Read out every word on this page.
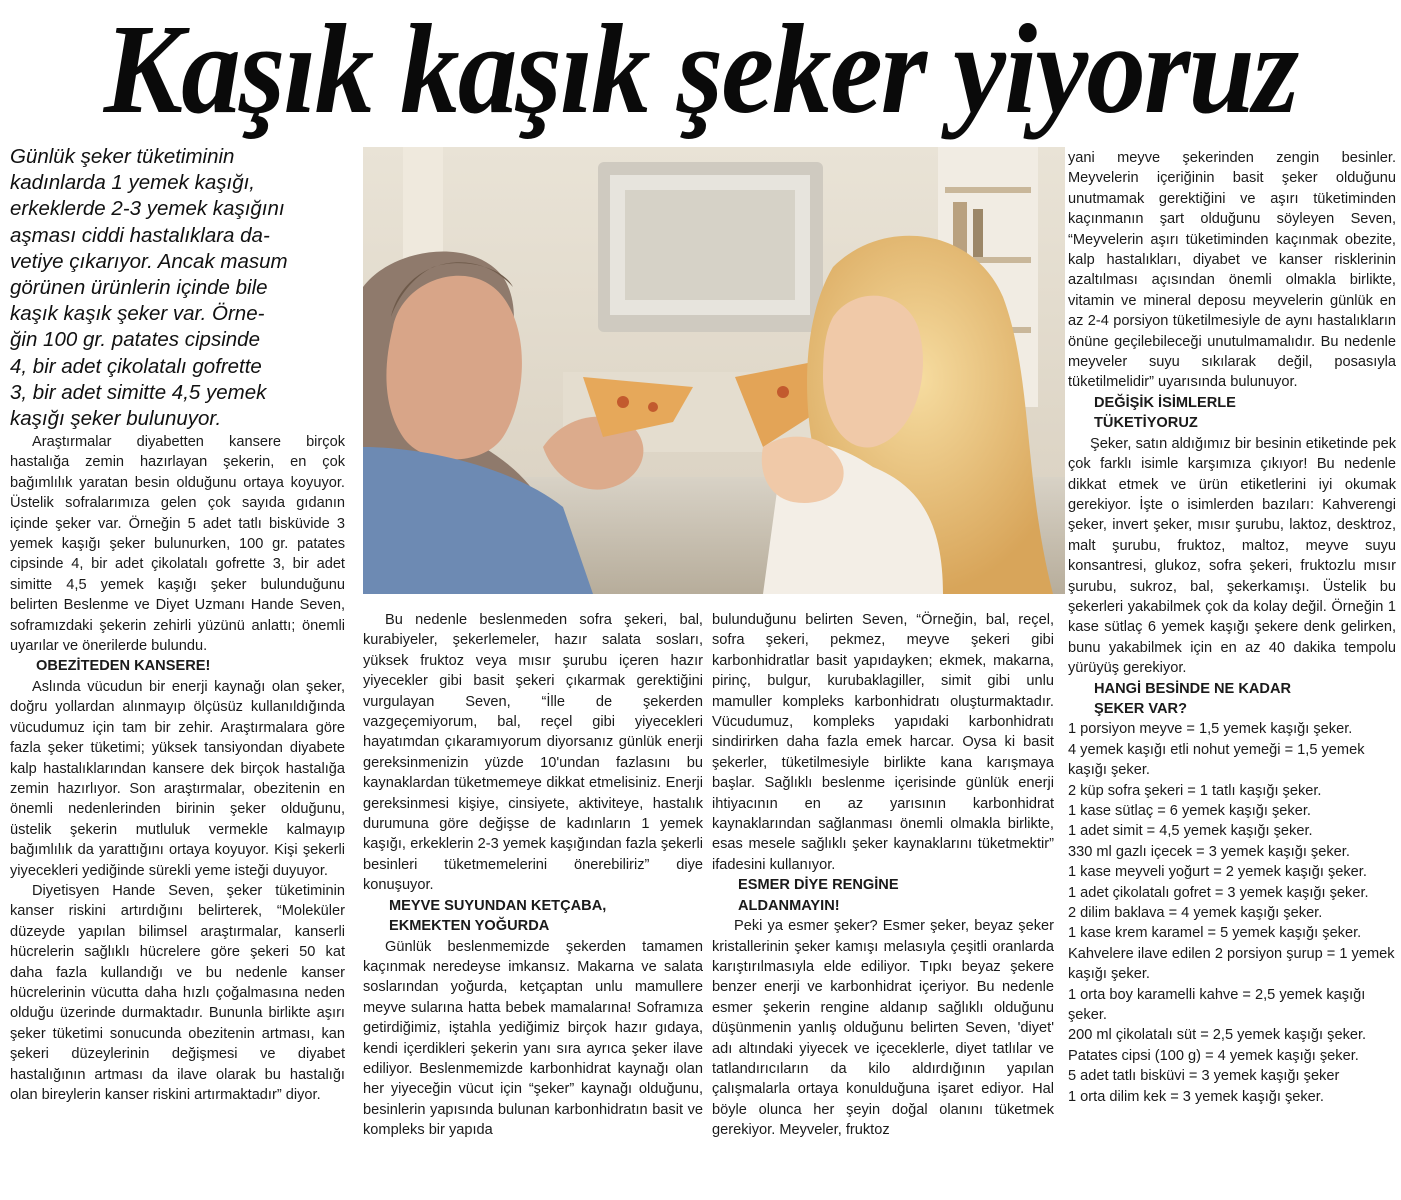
Kaşık kaşık şeker yiyoruz
Günlük şeker tüketiminin
kadınlarda 1 yemek kaşığı,
erkeklerde 2-3 yemek kaşığını
aşması ciddi hastalıklara da-
vetiye çıkarıyor. Ancak masum
görünen ürünlerin içinde bile
kaşık kaşık şeker var. Örne-
ğin 100 gr. patates cipsinde
4, bir adet çikolatalı gofrette
3, bir adet simitte 4,5 yemek
kaşığı şeker bulunuyor.

Araştırmalar diyabetten kansere birçok hastalığa zemin hazırlayan şekerin, en çok bağımlılık yaratan besin olduğunu ortaya koyuyor. Üstelik sofralarımıza gelen çok sayıda gıdanın içinde şeker var. Örneğin 5 adet tatlı bisküvide 3 yemek kaşığı şeker bulunurken, 100 gr. patates cipsinde 4, bir adet çikolatalı gofrette 3, bir adet simitte 4,5 yemek kaşığı şeker bulunduğunu belirten Beslenme ve Diyet Uzmanı Hande Seven, soframızdaki şekerin zehirli yüzünü anlattı; önemli uyarılar ve önerilerde bulundu.

OBEZİTEDEN KANSERE!

Aslında vücudun bir enerji kaynağı olan şeker, doğru yollardan alınmayıp ölçüsüz kullanıldığında vücudumuz için tam bir zehir. Araştırmalara göre fazla şeker tüketimi; yüksek tansiyondan diyabete kalp hastalıklarından kansere dek birçok hastalığa zemin hazırlıyor. Son araştırmalar, obezitenin en önemli nedenlerinden birinin şeker olduğunu, üstelik şekerin mutluluk vermekle kalmayıp bağımlılık da yarattığını ortaya koyuyor. Kişi şekerli yiyecekleri yediğinde sürekli yeme isteği duyuyor.

Diyetisyen Hande Seven, şeker tüketiminin kanser riskini artırdığını belirterek, “Moleküler düzeyde yapılan bilimsel araştırmalar, kanserli hücrelerin sağlıklı hücrelere göre şekeri 50 kat daha fazla kullandığı ve bu nedenle kanser hücrelerinin vücutta daha hızlı çoğalmasına neden olduğu üzerinde durmaktadır. Bununla birlikte aşırı şeker tüketimi sonucunda obezitenin artması, kan şekeri düzeylerinin değişmesi ve diyabet hastalığının artması da ilave olarak bu hastalığı olan bireylerin kanser riskini artırmaktadır” diyor.

Bu nedenle beslenmeden sofra şekeri, bal, kurabiyeler, şekerlemeler, hazır salata sosları, yüksek fruktoz veya mısır şurubu içeren hazır yiyecekler gibi basit şekeri çıkarmak gerektiğini vurgulayan Seven, “İlle de şekerden vazgeçemiyorum, bal, reçel gibi yiyecekleri hayatımdan çıkaramıyorum diyorsanız günlük enerji gereksinmenizin yüzde 10'undan fazlasını bu kaynaklardan tüketmemeye dikkat etmelisiniz. Enerji gereksinmesi kişiye, cinsiyete, aktiviteye, hastalık durumuna göre değişse de kadınların 1 yemek kaşığı, erkeklerin 2-3 yemek kaşığından fazla şekerli besinleri tüketmemelerini önerebiliriz” diye konuşuyor.

MEYVE SUYUNDAN KETÇABA,
EKMEKTEN YOĞURDA

Günlük beslenmemizde şekerden tamamen kaçınmak neredeyse imkansız. Makarna ve salata soslarından yoğurda, ketçaptan unlu mamullere meyve sularına hatta bebek mamalarına! Soframıza getirdiğimiz, iştahla yediğimiz birçok hazır gıdaya, kendi içerdikleri şekerin yanı sıra ayrıca şeker ilave ediliyor. Beslenmemizde karbonhidrat kaynağı olan her yiyeceğin vücut için “şeker” kaynağı olduğunu, besinlerin yapısında bulunan karbonhidratın basit ve kompleks bir yapıda

bulunduğunu belirten Seven, “Örneğin, bal, reçel, sofra şekeri, pekmez, meyve şekeri gibi karbonhidratlar basit yapıdayken; ekmek, makarna, pirinç, bulgur, kurubaklagiller, simit gibi unlu mamuller kompleks karbonhidratı oluşturmaktadır. Vücudumuz, kompleks yapıdaki karbonhidratı sindirirken daha fazla emek harcar. Oysa ki basit şekerler, tüketilmesiyle birlikte kana karışmaya başlar. Sağlıklı beslenme içerisinde günlük enerji ihtiyacının en az yarısının karbonhidrat kaynaklarından sağlanması önemli olmakla birlikte, esas mesele sağlıklı şeker kaynaklarını tüketmektir” ifadesini kullanıyor.

ESMER DİYE RENGİNE
ALDANMAYIN!

Peki ya esmer şeker? Esmer şeker, beyaz şeker kristallerinin şeker kamışı melasıyla çeşitli oranlarda karıştırılmasıyla elde ediliyor. Tıpkı beyaz şekere benzer enerji ve karbonhidrat içeriyor. Bu nedenle esmer şekerin rengine aldanıp sağlıklı olduğunu düşünmenin yanlış olduğunu belirten Seven, 'diyet' adı altındaki yiyecek ve içeceklerle, diyet tatlılar ve tatlandırıcıların da kilo aldırdığının yapılan çalışmalarla ortaya konulduğuna işaret ediyor. Hal böyle olunca her şeyin doğal olanını tüketmek gerekiyor. Meyveler, fruktoz

yani meyve şekerinden zengin besinler. Meyvelerin içeriğinin basit şeker olduğunu unutmamak gerektiğini ve aşırı tüketiminden kaçınmanın şart olduğunu söyleyen Seven, “Meyvelerin aşırı tüketiminden kaçınmak obezite, kalp hastalıkları, diyabet ve kanser risklerinin azaltılması açısından önemli olmakla birlikte, vitamin ve mineral deposu meyvelerin günlük en az 2-4 porsiyon tüketilmesiyle de aynı hastalıkların önüne geçilebileceği unutulmamalıdır. Bu nedenle meyveler suyu sıkılarak değil, posasıyla tüketilmelidir” uyarısında bulunuyor.

DEĞİŞİK İSİMLERLE
TÜKETİYORUZ

Şeker, satın aldığımız bir besinin etiketinde pek çok farklı isimle karşımıza çıkıyor! Bu nedenle dikkat etmek ve ürün etiketlerini iyi okumak gerekiyor. İşte o isimlerden bazıları: Kahverengi şeker, invert şeker, mısır şurubu, laktoz, desktroz, malt şurubu, fruktoz, maltoz, meyve suyu konsantresi, glukoz, sofra şekeri, fruktozlu mısır şurubu, sukroz, bal, şekerkamışı. Üstelik bu şekerleri yakabilmek çok da kolay değil. Örneğin 1 kase sütlaç 6 yemek kaşığı şekere denk gelirken, bunu yakabilmek için en az 40 dakika tempolu yürüyüş gerekiyor.

HANGİ BESİNDE NE KADAR
ŞEKER VAR?

1 porsiyon meyve = 1,5 yemek kaşığı şeker.

4 yemek kaşığı etli nohut yemeği = 1,5 yemek kaşığı şeker.

2 küp sofra şekeri = 1 tatlı kaşığı şeker.

1 kase sütlaç = 6 yemek kaşığı şeker.

1 adet simit = 4,5 yemek kaşığı şeker.

330 ml gazlı içecek = 3 yemek kaşığı şeker.

1 kase meyveli yoğurt = 2 yemek kaşığı şeker.

1 adet çikolatalı gofret = 3 yemek kaşığı şeker.

2 dilim baklava = 4 yemek kaşığı şeker.

1 kase krem karamel = 5 yemek kaşığı şeker.

Kahvelere ilave edilen 2 porsiyon şurup = 1 yemek kaşığı şeker.

1 orta boy karamelli kahve = 2,5 yemek kaşığı şeker.

200 ml çikolatalı süt = 2,5 yemek kaşığı şeker.

Patates cipsi (100 g) = 4 yemek kaşığı şeker.

5 adet tatlı bisküvi = 3 yemek kaşığı şeker

1 orta dilim kek = 3 yemek kaşığı şeker.
